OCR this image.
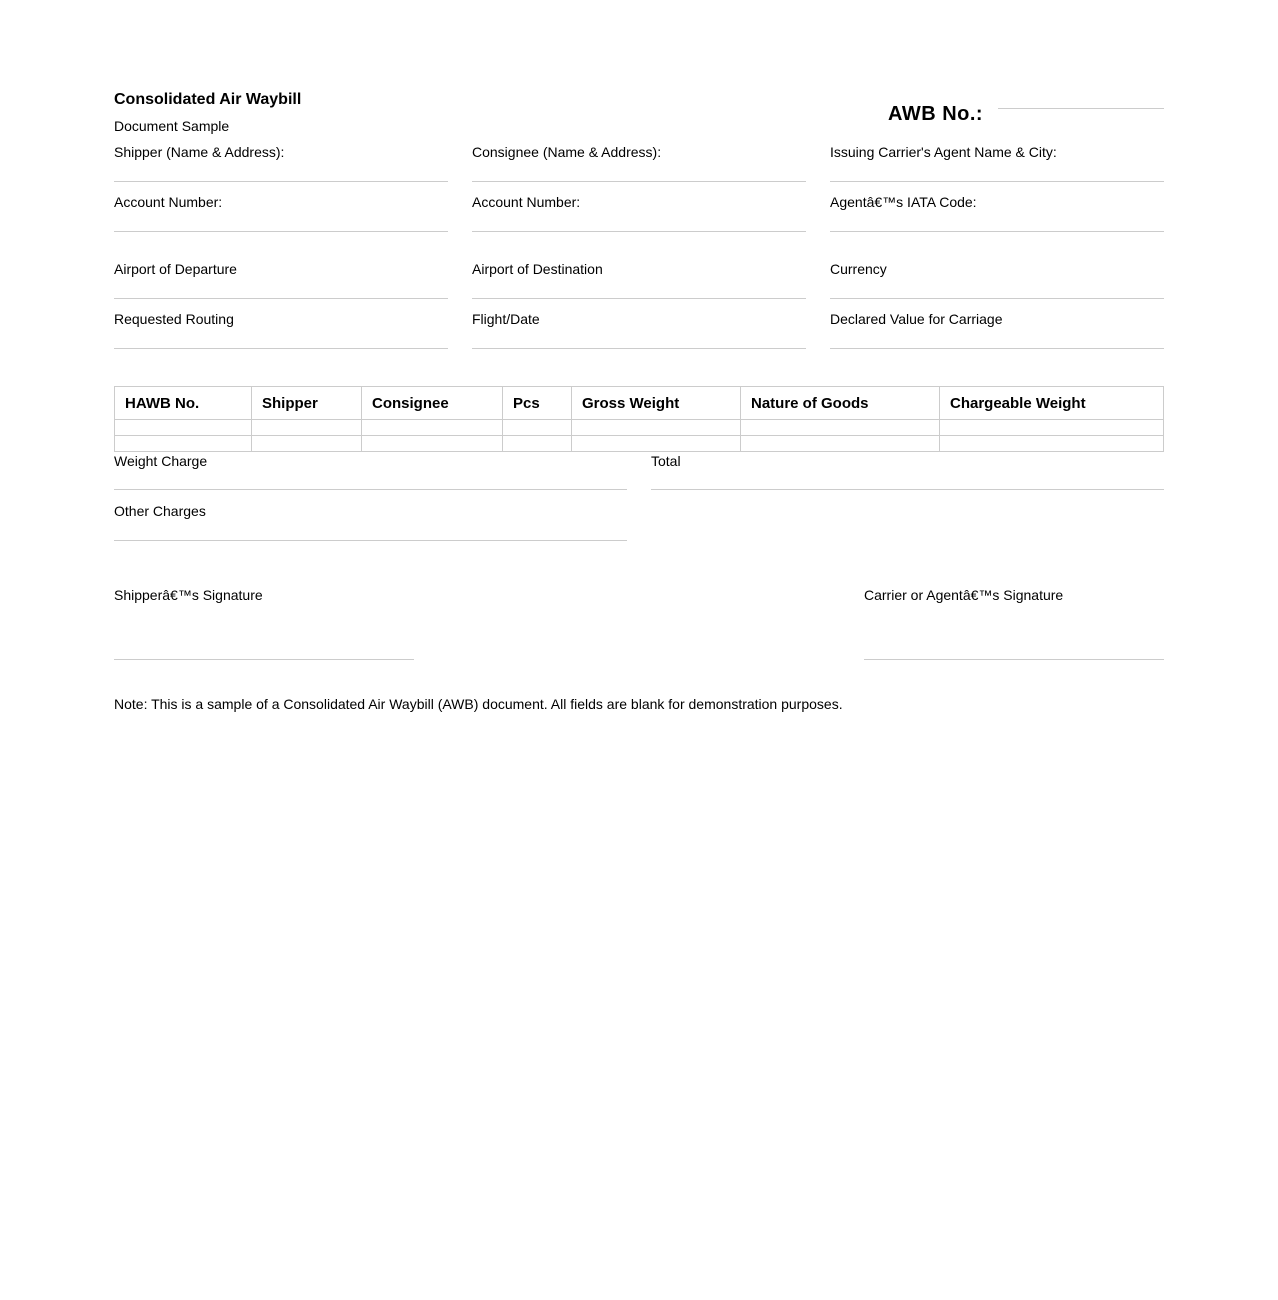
Consolidated Air Waybill
Document Sample
AWB No.:
Shipper (Name & Address):	Consignee (Name & Address):	Issuing Carrier's Agent Name & City:
Account Number:	Account Number:	Agentâ€™s IATA Code:
Airport of Departure	Airport of Destination	Currency
Requested Routing	Flight/Date	Declared Value for Carriage
HAWB No.	Shipper	Consignee	Pcs	Gross Weight	Nature of Goods	Chargeable Weight

Weight Charge	Total
Other Charges
Shipperâ€™s Signature	Carrier or Agentâ€™s Signature
Note: This is a sample of a Consolidated Air Waybill (AWB) document. All fields are blank for demonstration purposes.
